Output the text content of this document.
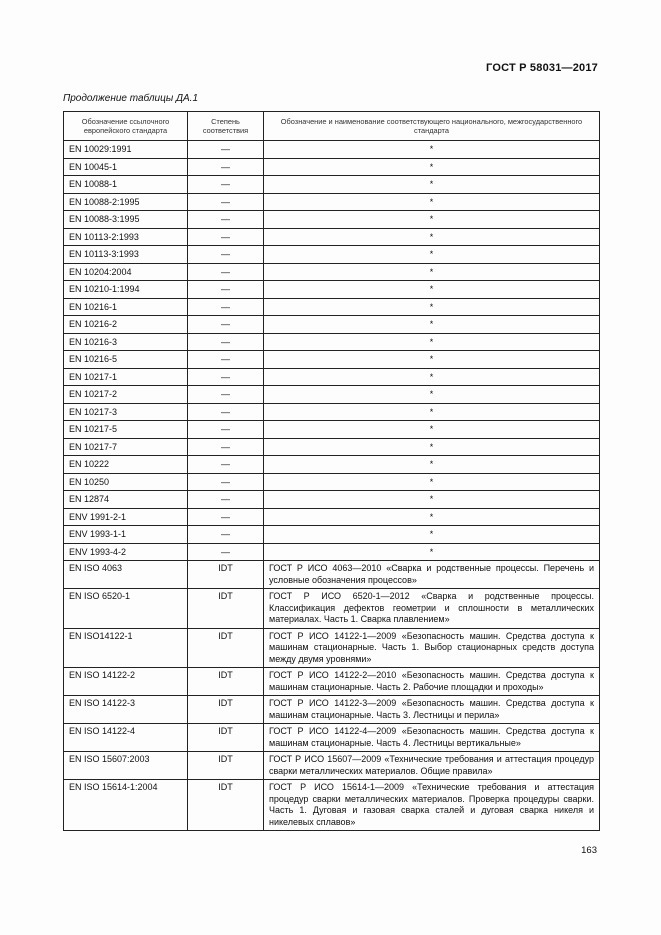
ГОСТ Р 58031—2017
Продолжение таблицы ДА.1
Обозначение ссылочного европейского стандарта	Степень соответствия	Обозначение и наименование соответствующего национального, межгосударственного стандарта
EN 10029:1991	—	*
EN 10045-1	—	*
EN 10088-1	—	*
EN 10088-2:1995	—	*
EN 10088-3:1995	—	*
EN 10113-2:1993	—	*
EN 10113-3:1993	—	*
EN 10204:2004	—	*
EN 10210-1:1994	—	*
EN 10216-1	—	*
EN 10216-2	—	*
EN 10216-3	—	*
EN 10216-5	—	*
EN 10217-1	—	*
EN 10217-2	—	*
EN 10217-3	—	*
EN 10217-5	—	*
EN 10217-7	—	*
EN 10222	—	*
EN 10250	—	*
EN 12874	—	*
ENV 1991-2-1	—	*
ENV 1993-1-1	—	*
ENV 1993-4-2	—	*
EN ISO 4063	IDT	ГОСТ Р ИСО 4063—2010 «Сварка и родственные процессы. Перечень и условные обозначения процессов»
EN ISO 6520-1	IDT	ГОСТ Р ИСО 6520-1—2012 «Сварка и родственные процессы. Классификация дефектов геометрии и сплошности в металлических материалах. Часть 1. Сварка плавлением»
EN ISO14122-1	IDT	ГОСТ Р ИСО 14122-1—2009 «Безопасность машин. Средства доступа к машинам стационарные. Часть 1. Выбор стационарных средств доступа между двумя уровнями»
EN ISO 14122-2	IDT	ГОСТ Р ИСО 14122-2—2010 «Безопасность машин. Средства доступа к машинам стационарные. Часть 2. Рабочие площадки и проходы»
EN ISO 14122-3	IDT	ГОСТ Р ИСО 14122-3—2009 «Безопасность машин. Средства доступа к машинам стационарные. Часть 3. Лестницы и перила»
EN ISO 14122-4	IDT	ГОСТ Р ИСО 14122-4—2009 «Безопасность машин. Средства доступа к машинам стационарные. Часть 4. Лестницы вертикальные»
EN ISO 15607:2003	IDT	ГОСТ Р ИСО 15607—2009 «Технические требования и аттестация процедур сварки металлических материалов. Общие правила»
EN ISO 15614-1:2004	IDT	ГОСТ Р ИСО 15614-1—2009 «Технические требования и аттестация процедур сварки металлических материалов. Проверка процедуры сварки. Часть 1. Дуговая и газовая сварка сталей и дуговая сварка никеля и никелевых сплавов»
163
